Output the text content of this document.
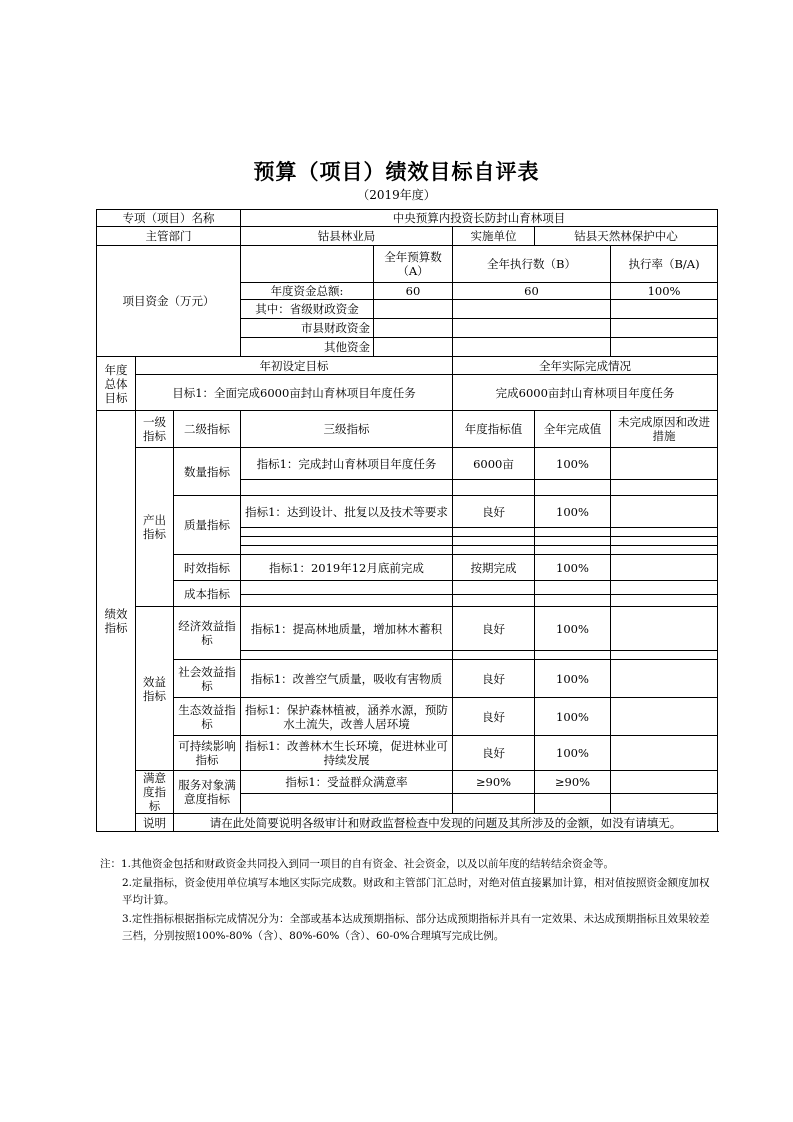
预算（项目）绩效目标自评表
（2019年度）
专项（项目）名称			中央预算内投资长防封山育林项目				
主管部门			钴县林业局		实施单位	钴县天然林保护中心	
项目资金（万元）				全年预算数（A）	全年执行数（B）		执行率（B/A)
			年度资金总额:	60	60		100%
			其中：省级财政资金				
			市县财政资金				
			其他资金				
年度总体目标	年初设定目标				全年实际完成情况		
	目标1：全面完成6000亩封山育林项目年度任务				完成6000亩封山育林项目年度任务		
绩效指标	一级指标	二级指标	三级指标		年度指标值	全年完成值	未完成原因和改进措施
	产出指标	数量指标	指标1：完成封山育林项目年度任务		6000亩	100%	

		质量指标	指标1：达到设计、批复以及技术等要求		良好	100%	

		时效指标	指标1：2019年12月底前完成		按期完成	100%	
		成本指标					

	效益指标	经济效益指标	指标1：提高林地质量，增加林木蓄积		良好	100%	

		社会效益指标	指标1：改善空气质量，吸收有害物质		良好	100%	
		生态效益指标	指标1：保护森林植被，涵养水源，预防水土流失，改善人居环境		良好	100%	
		可持续影响指标	指标1：改善林木生长环境，促进林业可持续发展		良好	100%	
	满意度指标	服务对象满意度指标	指标1：受益群众满意率		≥90%	≥90%	

	说明	请在此处简要说明各级审计和财政监督检查中发现的问题及其所涉及的金额，如没有请填无。					

注：1.其他资金包括和财政资金共同投入到同一项目的自有资金、社会资金，以及以前年度的结转结余资金等。

2.定量指标，资金使用单位填写本地区实际完成数。财政和主管部门汇总时，对绝对值直接累加计算，相对值按照资金额度加权平均计算。

3.定性指标根据指标完成情况分为：全部或基本达成预期指标、部分达成预期指标并具有一定效果、未达成预期指标且效果较差三档，分别按照100%-80%（含）、80%-60%（含）、60-0%合理填写完成比例。
